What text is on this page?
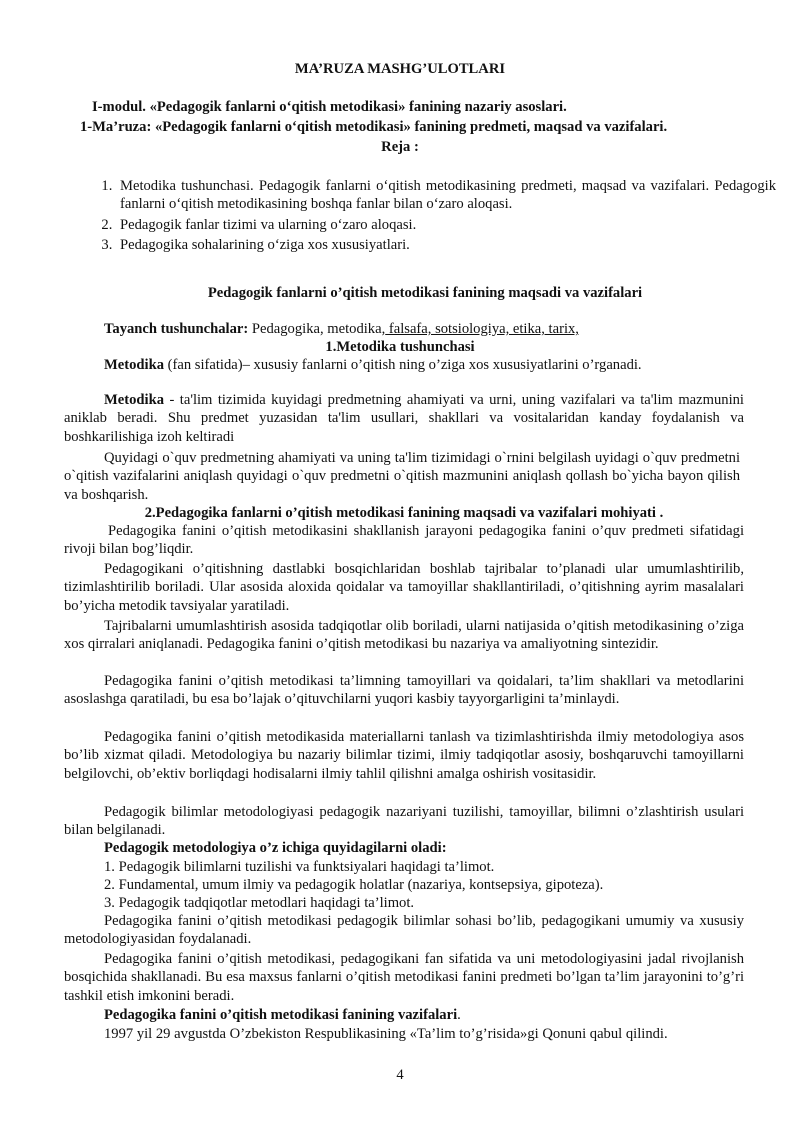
MA’RUZA MASHG’ULOTLARI
I-modul. «Pedagogik fanlarni o‘qitish metodikasi» fanining nazariy asoslari.
1-Ma’ruza: «Pedagogik fanlarni o‘qitish metodikasi» fanining predmeti, maqsad va vazifalari.
Reja :
1. Metodika tushunchasi. Pedagogik fanlarni o‘qitish metodikasining predmeti, maqsad va vazifalari. Pedagogik fanlarni o‘qitish metodikasining boshqa fanlar bilan o‘zaro aloqasi.
2. Pedagogik fanlar tizimi va ularning o‘zaro aloqasi.
3. Pedagogika sohalarining o‘ziga xos xususiyatlari.
Pedagogik fanlarni o’qitish metodikasi fanining maqsadi va vazifalari
Tayanch tushunchalar: Pedagogika, metodika, falsafa, sotsiologiya, etika, tarix,
1.Metodika tushunchasi
Metodika (fan sifatida)– xususiy fanlarni o’qitish ning o’ziga xos xususiyatlarini o’rganadi.
Metodika - ta'lim tizimida kuyidagi predmetning ahamiyati va urni, uning vazifalari va ta'lim mazmunini aniklab beradi. Shu predmet yuzasidan ta'lim usullari, shakllari va vositalaridan kanday foydalanish va boshkarilishiga izoh keltiradi
Quyidagi o`quv predmetning ahamiyati va uning ta'lim tizimidagi o`rnini belgilash uyidagi o`quv predmetni o`qitish vazifalarini aniqlash quyidagi o`quv predmetni o`qitish mazmunini aniqlash qollash bo`yicha bayon qilish va boshqarish.
2.Pedagogika fanlarni o’qitish metodikasi fanining maqsadi va vazifalari mohiyati .
Pedagogika fanini o’qitish metodikasini shakllanish jarayoni pedagogika fanini o’quv predmeti sifatidagi rivoji bilan bog’liqdir.
Pedagogikani o’qitishning dastlabki bosqichlaridan boshlab tajribalar to’planadi ular umumlashtirilib, tizimlashtirilib boriladi. Ular asosida aloxida qoidalar va tamoyillar shakllantiriladi, o’qitishning ayrim masalalari bo’yicha metodik tavsiyalar yaratiladi.
Tajribalarni umumlashtirish asosida tadqiqotlar olib boriladi, ularni natijasida o’qitish metodikasining o’ziga xos qirralari aniqlanadi. Pedagogika fanini o’qitish metodikasi bu nazariya va amaliyotning sintezidir.
Pedagogika fanini o’qitish metodikasi ta’limning tamoyillari va qoidalari, ta’lim shakllari va metodlarini asoslashga qaratiladi, bu esa bo’lajak o’qituvchilarni yuqori kasbiy tayyorgarligini ta’minlaydi.
Pedagogika fanini o’qitish metodikasida materiallarni tanlash va tizimlashtirishda ilmiy metodologiya asos bo’lib xizmat qiladi. Metodologiya bu nazariy bilimlar tizimi, ilmiy tadqiqotlar asosiy, boshqaruvchi tamoyillarni belgilovchi, ob’ektiv borliqdagi hodisalarni ilmiy tahlil qilishni amalga oshirish vositasidir.
Pedagogik bilimlar metodologiyasi pedagogik nazariyani tuzilishi, tamoyillar, bilimni o’zlashtirish usulari bilan belgilanadi.
Pedagogik metodologiya o’z ichiga quyidagilarni oladi:
1. Pedagogik bilimlarni tuzilishi va funktsiyalari haqidagi ta’limot.
2. Fundamental, umum ilmiy va pedagogik holatlar (nazariya, kontsepsiya, gipoteza).
3. Pedagogik tadqiqotlar metodlari haqidagi ta’limot.
Pedagogika fanini o’qitish metodikasi pedagogik bilimlar sohasi bo’lib, pedagogikani umumiy va xususiy metodologiyasidan foydalanadi.
Pedagogika fanini o’qitish metodikasi, pedagogikani fan sifatida va uni metodologiyasini jadal rivojlanish bosqichida shakllanadi. Bu esa maxsus fanlarni o’qitish metodikasi fanini predmeti bo’lgan ta’lim jarayonini to’g’ri tashkil etish imkonini beradi.
Pedagogika fanini o’qitish metodikasi fanining vazifalari.
1997 yil 29 avgustda O’zbekiston Respublikasining «Ta’lim to’g’risida»gi Qonuni qabul qilindi.
4
